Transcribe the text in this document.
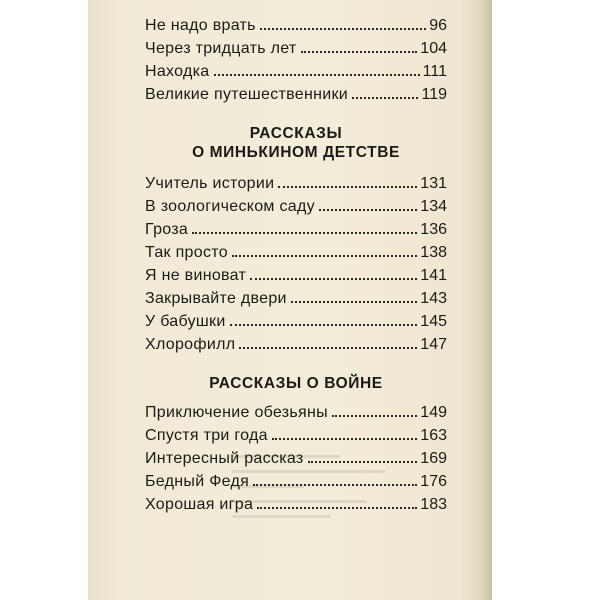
Не надо врать	96
Через тридцать лет	104
Находка	111
Великие путешественники	119
РАССКАЗЫ
О МИНЬКИНОМ ДЕТСТВЕ
Учитель истории	131
В зоологическом саду	134
Гроза	136
Так просто	138
Я не виноват	141
Закрывайте двери	143
У бабушки	145
Хлорофилл	147
РАССКАЗЫ О ВОЙНЕ
Приключение обезьяны	149
Спустя три года	163
Интересный рассказ	169
Бедный Федя	176
Хорошая игра	183
